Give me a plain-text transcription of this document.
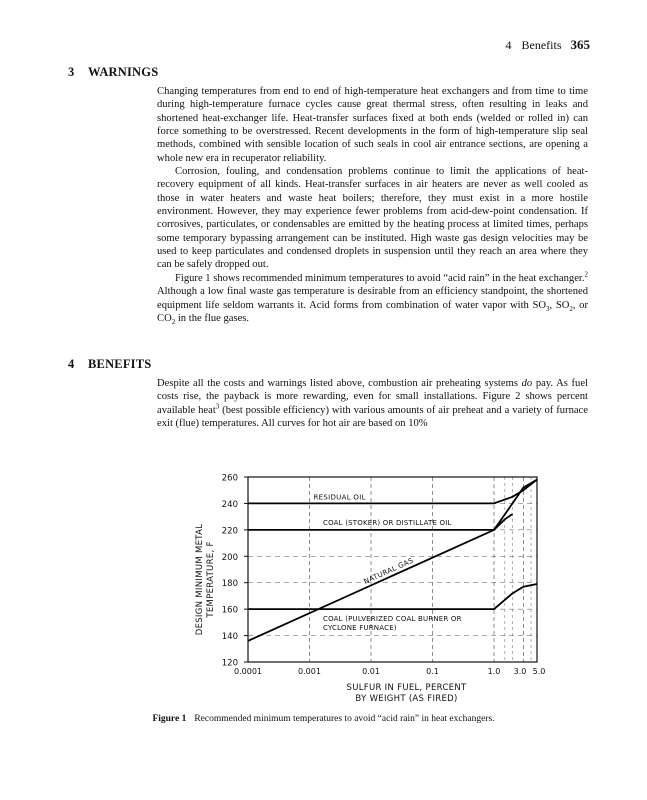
4 Benefits 365
3 WARNINGS

Changing temperatures from end to end of high-temperature heat exchangers and from time to time during high-temperature furnace cycles cause great thermal stress, often resulting in leaks and shortened heat-exchanger life. Heat-transfer surfaces fixed at both ends (welded or rolled in) can force something to be overstressed. Recent developments in the form of high-temperature slip seal methods, combined with sensible location of such seals in cool air entrance sections, are opening a whole new era in recuperator reliability.

Corrosion, fouling, and condensation problems continue to limit the applications of heat-recovery equipment of all kinds. Heat-transfer surfaces in air heaters are never as well cooled as those in water heaters and waste heat boilers; therefore, they must exist in a more hostile environment. However, they may experience fewer problems from acid-dew-point condensation. If corrosives, particulates, or condensables are emitted by the heating process at limited times, perhaps some temporary bypassing arrangement can be instituted. High waste gas design velocities may be used to keep particulates and condensed droplets in suspension until they reach an area where they can be safely dropped out.

Figure 1 shows recommended minimum temperatures to avoid “acid rain” in the heat exchanger.$^2$ Although a low final waste gas temperature is desirable from an efficiency standpoint, the shortened equipment life seldom warrants it. Acid forms from combination of water vapor with $SO_3$, $SO_2$, or $CO_2$ in the flue gases.

4 BENEFITS

Despite all the costs and warnings listed above, combustion air preheating systems do pay. As fuel costs rise, the payback is more rewarding, even for small installations. Figure 2 shows percent available heat$^3$ (best possible efficiency) with various amounts of air preheat and a variety of furnace exit (flue) temperatures. All curves for hot air are based on 10%

120
140
160
180
200
220
240
260
0.0001	0.001	0.01	0.1	1.0 3.0 5.0
RESIDUAL OIL
COAL (STOKER) OR DISTILLATE OIL
NATURAL GAS
COAL (PULVERIZED COAL BURNER OR
CYCLONE FURNACE)
SULFUR IN FUEL, PERCENT
BY WEIGHT (AS FIRED)
DESIGN MINIMUM METAL TEMPERATURE, F
Figure 1 Recommended minimum temperatures to avoid “acid rain” in heat exchangers.
